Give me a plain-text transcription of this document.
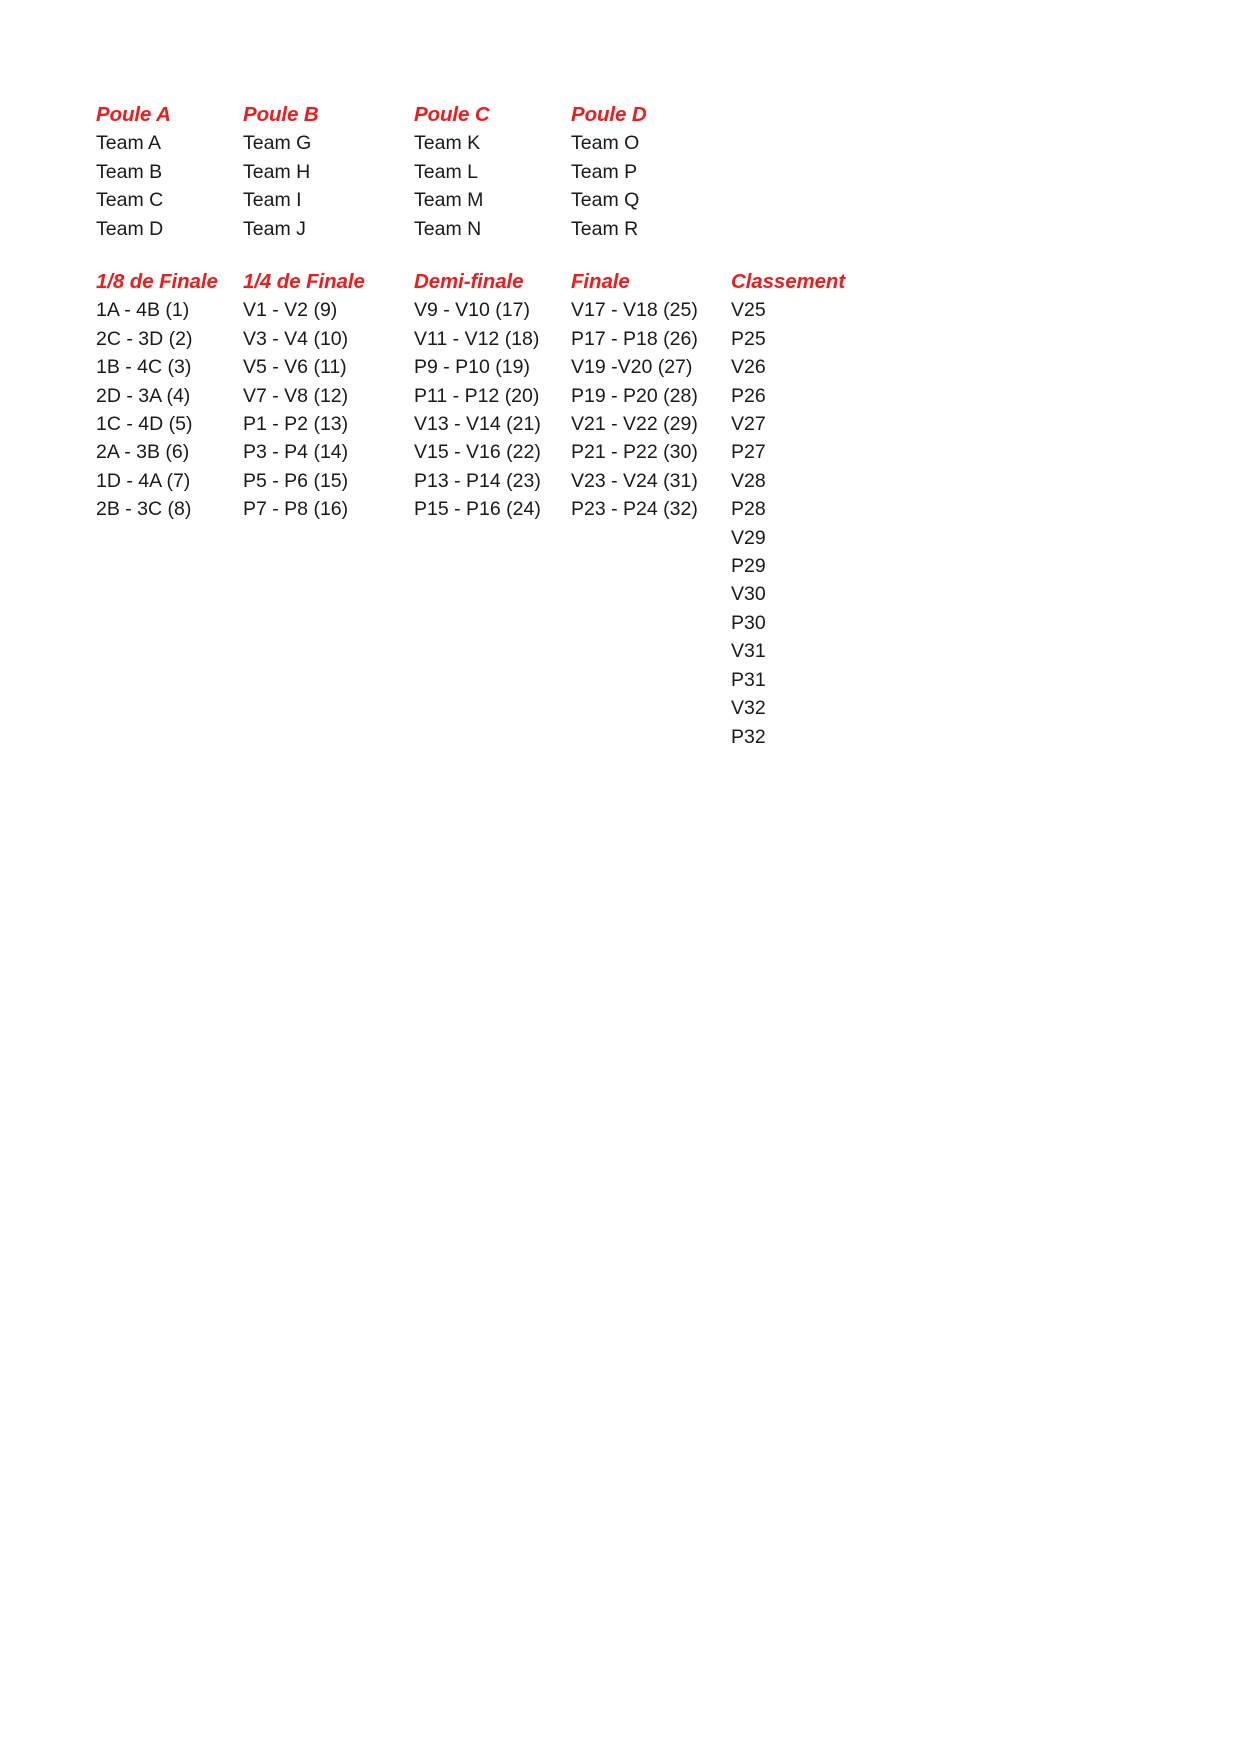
Poule A
Team A
Team B
Team C
Team D
Poule B
Team G
Team H
Team I
Team J
Poule C
Team K
Team L
Team M
Team N
Poule D
Team O
Team P
Team Q
Team R
1/8 de Finale
1A - 4B (1)
2C - 3D (2)
1B - 4C (3)
2D - 3A (4)
1C - 4D (5)
2A - 3B (6)
1D - 4A (7)
2B - 3C (8)
1/4 de Finale
V1 - V2 (9)
V3 - V4 (10)
V5 - V6 (11)
V7 - V8 (12)
P1 - P2 (13)
P3 - P4 (14)
P5 - P6 (15)
P7 - P8 (16)
Demi-finale
V9 - V10 (17)
V11 - V12 (18)
P9 - P10 (19)
P11 - P12 (20)
V13 - V14 (21)
V15 - V16 (22)
P13 - P14 (23)
P15 - P16 (24)
Finale
V17 - V18 (25)
P17 - P18 (26)
V19 -V20 (27)
P19 - P20 (28)
V21 - V22 (29)
P21 - P22 (30)
V23 - V24 (31)
P23 - P24 (32)
Classement
V25
P25
V26
P26
V27
P27
V28
P28
V29
P29
V30
P30
V31
P31
V32
P32
